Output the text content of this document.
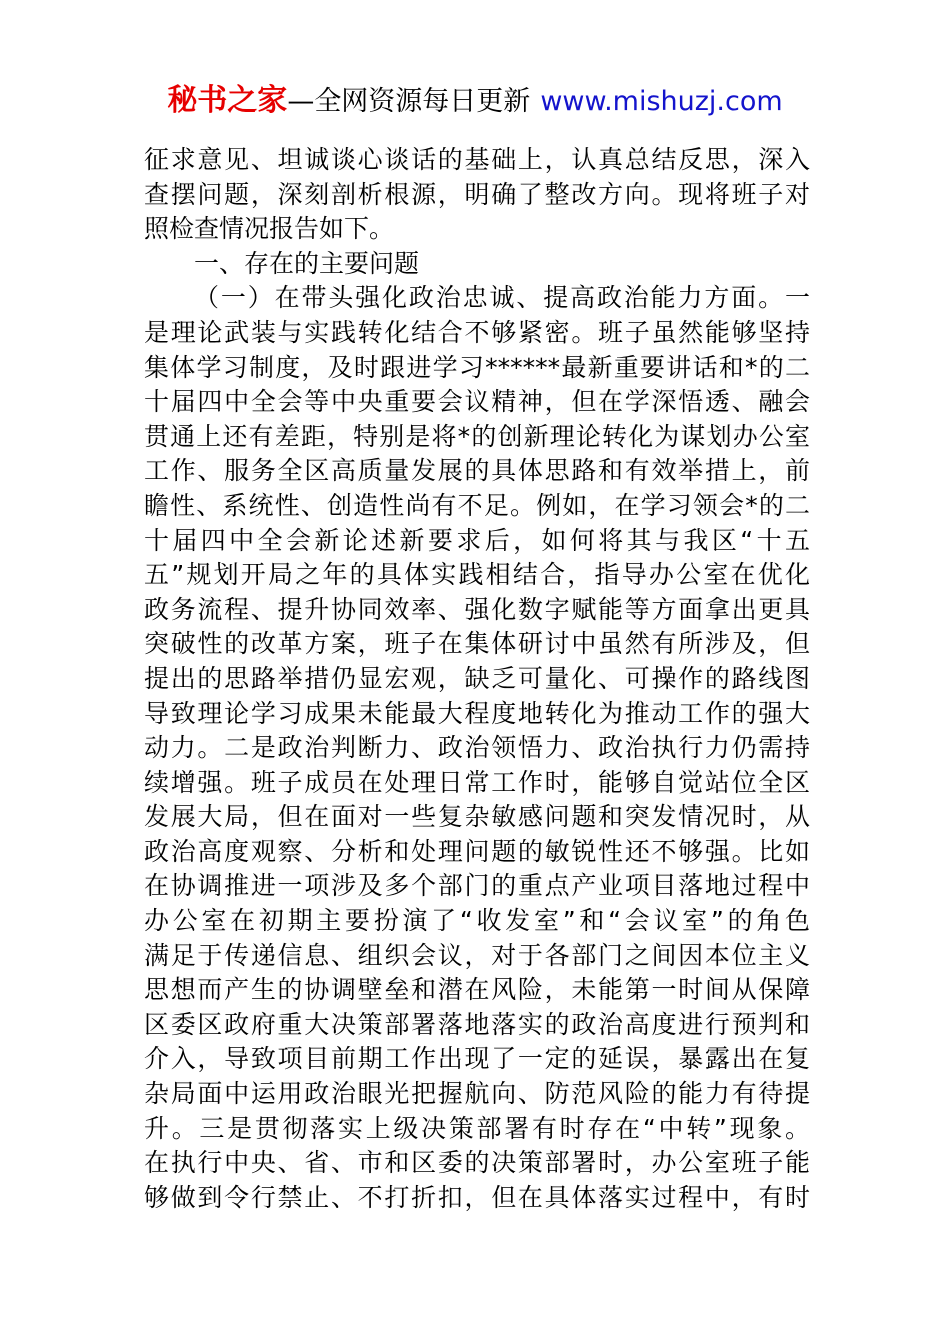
秘书之家—全网资源每日更新 www.mishuzj.com
征求意见、坦诚谈心谈话的基础上，认真总结反思，深入
查摆问题，深刻剖析根源，明确了整改方向。现将班子对
照检查情况报告如下。
一、存在的主要问题
（一）在带头强化政治忠诚、提高政治能力方面。一
是理论武装与实践转化结合不够紧密。班子虽然能够坚持
集体学习制度，及时跟进学习******最新重要讲话和*的二
十届四中全会等中央重要会议精神，但在学深悟透、融会
贯通上还有差距，特别是将*的创新理论转化为谋划办公室
工作、服务全区高质量发展的具体思路和有效举措上，前
瞻性、系统性、创造性尚有不足。例如，在学习领会*的二
十届四中全会新论述新要求后，如何将其与我区“十五
五”规划开局之年的具体实践相结合，指导办公室在优化
政务流程、提升协同效率、强化数字赋能等方面拿出更具
突破性的改革方案，班子在集体研讨中虽然有所涉及，但
提出的思路举措仍显宏观，缺乏可量化、可操作的路线图
导致理论学习成果未能最大程度地转化为推动工作的强大
动力。二是政治判断力、政治领悟力、政治执行力仍需持
续增强。班子成员在处理日常工作时，能够自觉站位全区
发展大局，但在面对一些复杂敏感问题和突发情况时，从
政治高度观察、分析和处理问题的敏锐性还不够强。比如
在协调推进一项涉及多个部门的重点产业项目落地过程中
办公室在初期主要扮演了“收发室”和“会议室”的角色
满足于传递信息、组织会议，对于各部门之间因本位主义
思想而产生的协调壁垒和潜在风险，未能第一时间从保障
区委区政府重大决策部署落地落实的政治高度进行预判和
介入，导致项目前期工作出现了一定的延误，暴露出在复
杂局面中运用政治眼光把握航向、防范风险的能力有待提
升。三是贯彻落实上级决策部署有时存在“中转”现象。
在执行中央、省、市和区委的决策部署时，办公室班子能
够做到令行禁止、不打折扣，但在具体落实过程中，有时
